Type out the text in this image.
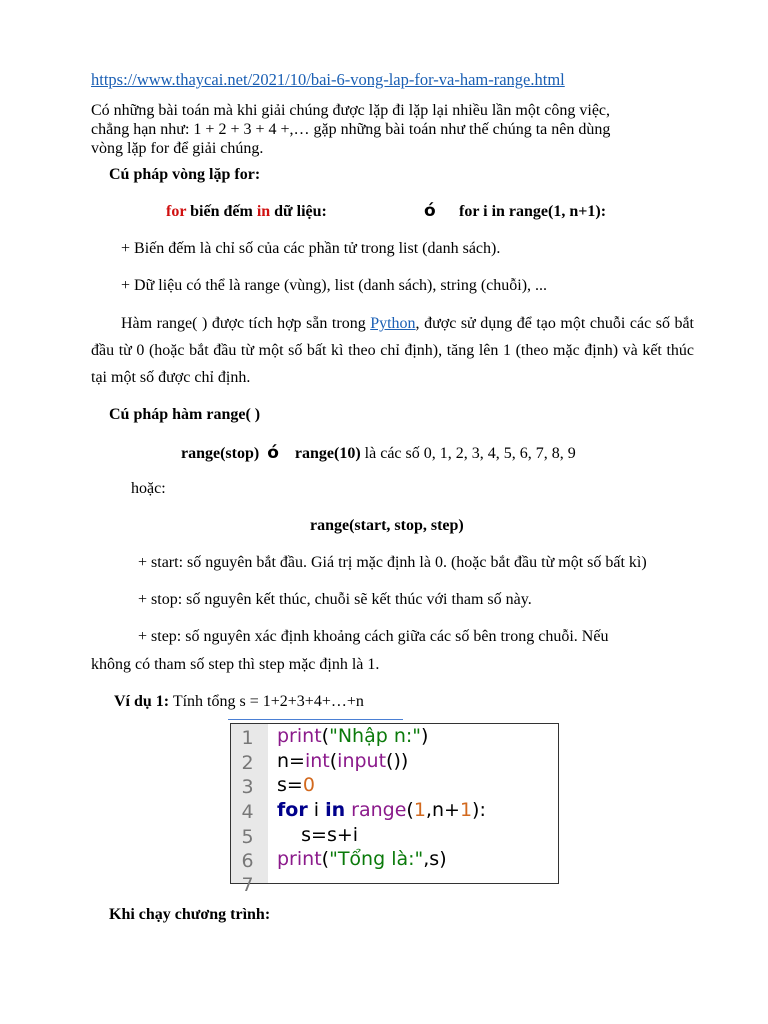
https://www.thaycai.net/2021/10/bai-6-vong-lap-for-va-ham-range.html
Có những bài toán mà khi giải chúng được lặp đi lặp lại nhiều lần một công việc,
chẳng hạn như: 1 + 2 + 3 + 4 +,… gặp những bài toán như thế chúng ta nên dùng
vòng lặp for để giải chúng.
Cú pháp vòng lặp for:
for biến đếm in dữ liệu:	ó for i in range(1, n+1):
+ Biến đếm là chỉ số của các phần tử trong list (danh sách).
+ Dữ liệu có thể là range (vùng), list (danh sách), string (chuỗi), ...
Hàm range( ) được tích hợp sẵn trong Python, được sử dụng để tạo một chuỗi các số bắt đầu từ 0 (hoặc bắt đầu từ một số bất kì theo chỉ định), tăng lên 1 (theo mặc định) và kết thúc tại một số được chỉ định.
Cú pháp hàm range( )
range(stop) ó range(10) là các số 0, 1, 2, 3, 4, 5, 6, 7, 8, 9
hoặc:
range(start, stop, step)
+ start: số nguyên bắt đầu. Giá trị mặc định là 0. (hoặc bắt đầu từ một số bất kì)
+ stop: số nguyên kết thúc, chuỗi sẽ kết thúc với tham số này.
+ step: số nguyên xác định khoảng cách giữa các số bên trong chuỗi. Nếu
không có tham số step thì step mặc định là 1.
Ví dụ 1: Tính tổng s = 1+2+3+4+…+n
1
2
3
4
5
6
7
print("Nhập n:")
n=int(input())
s=0
for i in range(1,n+1):
s=s+i
print("Tổng là:",s)
Khi chạy chương trình:
